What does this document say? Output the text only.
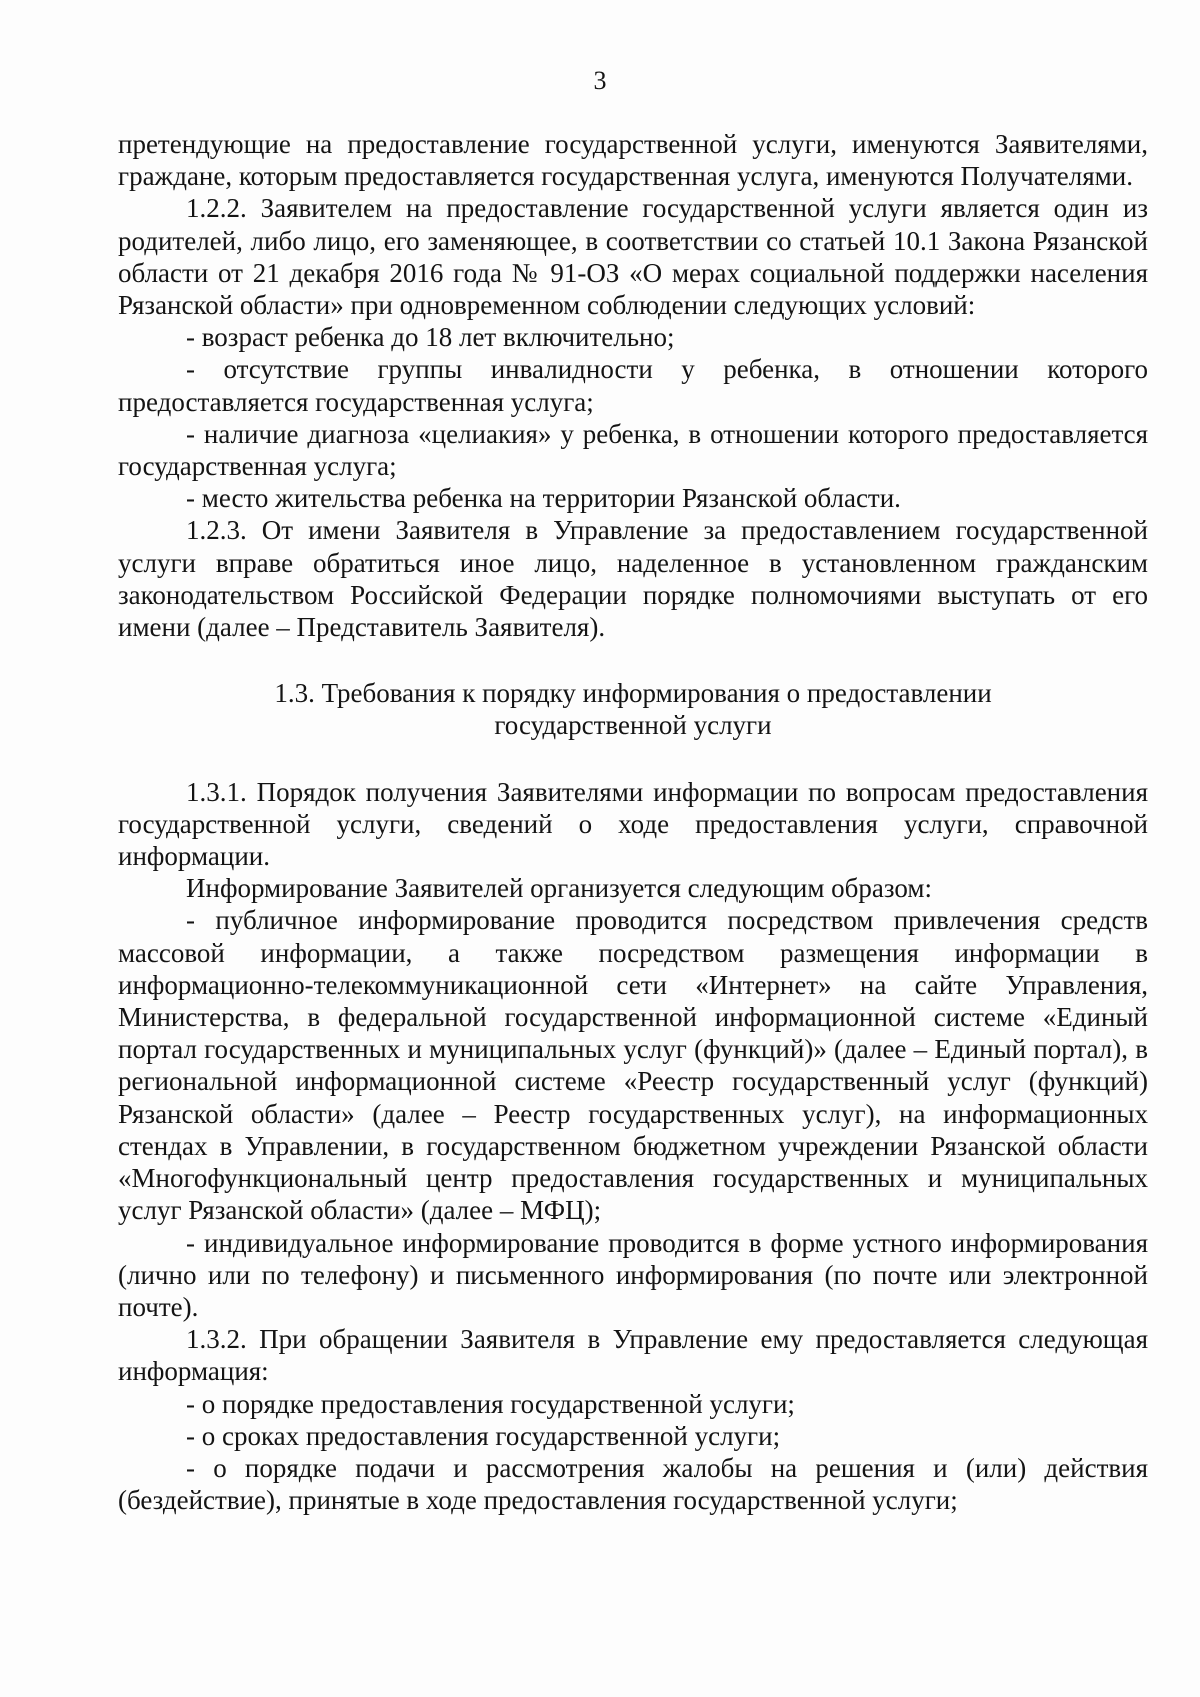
3

претендующие на предоставление государственной услуги, именуются Заявителями, граждане, которым предоставляется государственная услуга, именуются Получателями.

1.2.2. Заявителем на предоставление государственной услуги является один из родителей, либо лицо, его заменяющее, в соответствии со статьей 10.1 Закона Рязанской области от 21 декабря 2016 года № 91-ОЗ «О мерах социальной поддержки населения Рязанской области» при одновременном соблюдении следующих условий:

- возраст ребенка до 18 лет включительно;

- отсутствие группы инвалидности у ребенка, в отношении которого предоставляется государственная услуга;

- наличие диагноза «целиакия» у ребенка, в отношении которого предоставляется государственная услуга;

- место жительства ребенка на территории Рязанской области.

1.2.3. От имени Заявителя в Управление за предоставлением государственной услуги вправе обратиться иное лицо, наделенное в установленном гражданским законодательством Российской Федерации порядке полномочиями выступать от его имени (далее – Представитель Заявителя).

1.3. Требования к порядку информирования о предоставлении
государственной услуги

1.3.1. Порядок получения Заявителями информации по вопросам предоставления государственной услуги, сведений о ходе предоставления услуги, справочной информации.

Информирование Заявителей организуется следующим образом:

- публичное информирование проводится посредством привлечения средств массовой информации, а также посредством размещения информации в информационно-телекоммуникационной сети «Интернет» на сайте Управления, Министерства, в федеральной государственной информационной системе «Единый портал государственных и муниципальных услуг (функций)» (далее – Единый портал), в региональной информационной системе «Реестр государственный услуг (функций) Рязанской области» (далее – Реестр государственных услуг), на информационных стендах в Управлении, в государственном бюджетном учреждении Рязанской области «Многофункциональный центр предоставления государственных и муниципальных услуг Рязанской области» (далее – МФЦ);

- индивидуальное информирование проводится в форме устного информирования (лично или по телефону) и письменного информирования (по почте или электронной почте).

1.3.2. При обращении Заявителя в Управление ему предоставляется следующая информация:

- о порядке предоставления государственной услуги;

- о сроках предоставления государственной услуги;

- о порядке подачи и рассмотрения жалобы на решения и (или) действия (бездействие), принятые в ходе предоставления государственной услуги;
